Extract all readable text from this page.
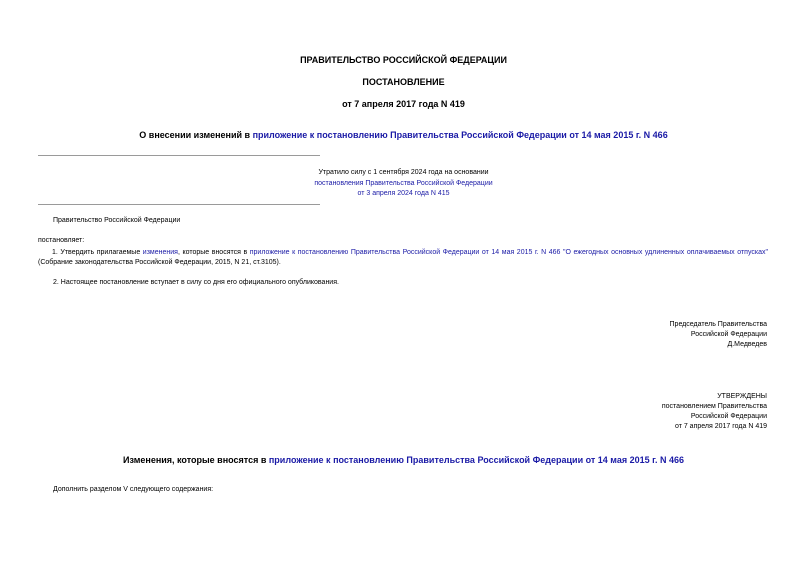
ПРАВИТЕЛЬСТВО РОССИЙСКОЙ ФЕДЕРАЦИИ
ПОСТАНОВЛЕНИЕ
от 7 апреля 2017 года N 419
О внесении изменений в приложение к постановлению Правительства Российской Федерации от 14 мая 2015 г. N 466
Утратило силу с 1 сентября 2024 года на основании
постановления Правительства Российской Федерации
от 3 апреля 2024 года N 415
Правительство Российской Федерации
постановляет:
1. Утвердить прилагаемые изменения, которые вносятся в приложение к постановлению Правительства Российской Федерации от 14 мая 2015 г. N 466 "О ежегодных основных удлиненных оплачиваемых отпусках" (Собрание законодательства Российской Федерации, 2015, N 21, ст.3105).
2. Настоящее постановление вступает в силу со дня его официального опубликования.
Председатель Правительства
Российской Федерации
Д.Медведев
УТВЕРЖДЕНЫ
постановлением Правительства
Российской Федерации
от 7 апреля 2017 года N 419
Изменения, которые вносятся в приложение к постановлению Правительства Российской Федерации от 14 мая 2015 г. N 466
Дополнить разделом V следующего содержания:
